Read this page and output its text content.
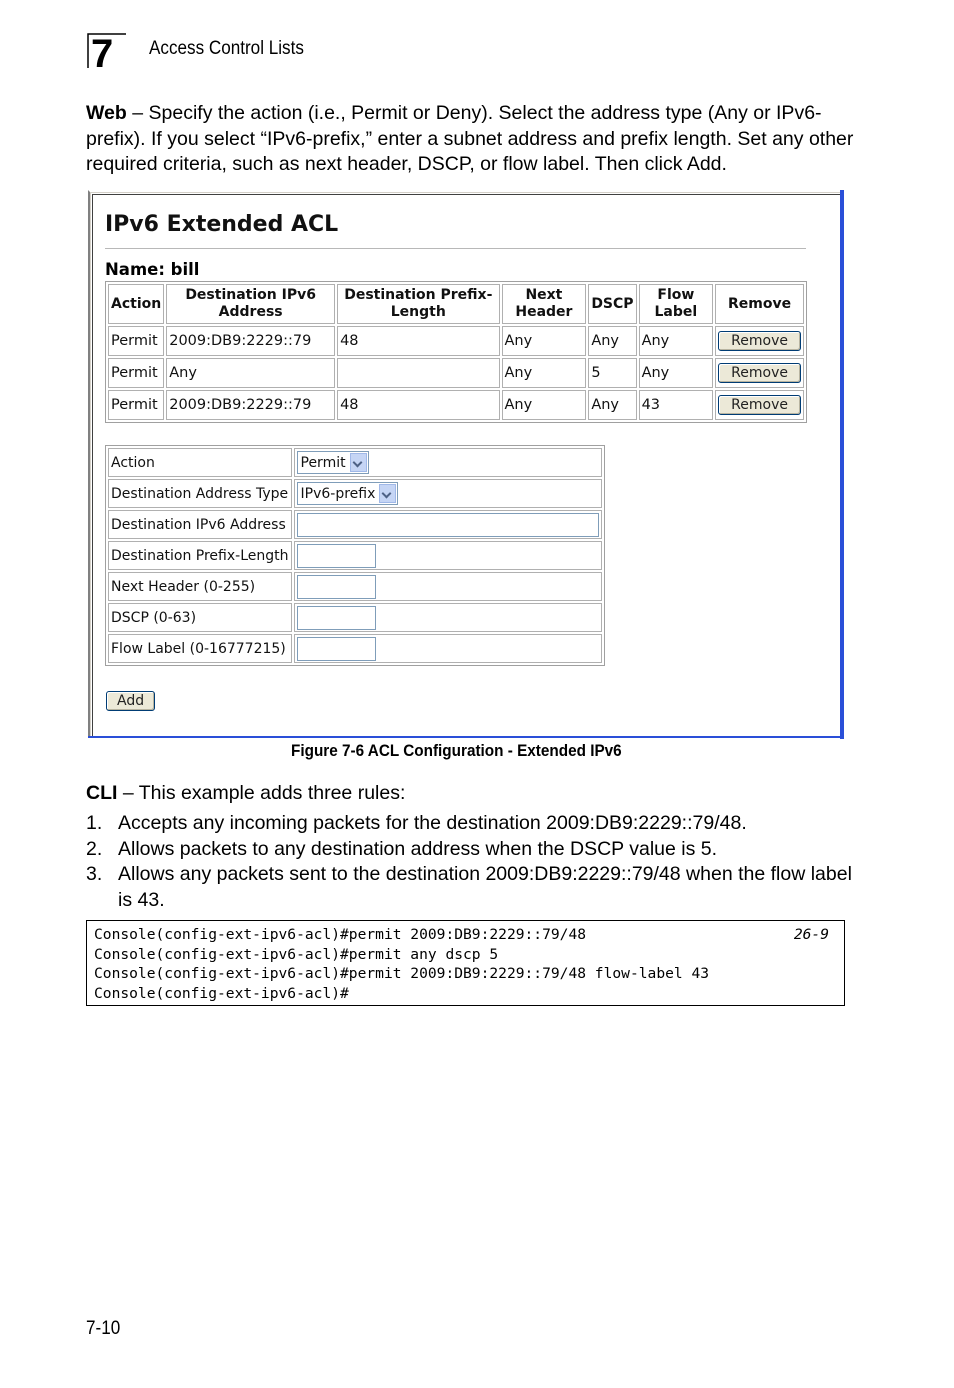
7 Access Control Lists
Web – Specify the action (i.e., Permit or Deny). Select the address type (Any or IPv6-prefix). If you select “IPv6-prefix,” enter a subnet address and prefix length. Set any other required criteria, such as next header, DSCP, or flow label. Then click Add.
IPv6 Extended ACL
Name: bill
Action	Destination IPv6 Address	Destination Prefix-Length	Next Header	DSCP	Flow Label	Remove
Permit	2009:DB9:2229::79	48	Any	Any	Any	Remove
Permit	Any		Any	5	Any	Remove
Permit	2009:DB9:2229::79	48	Any	Any	43	Remove
Action	Permit

Destination Address Type	IPv6-prefix

Destination IPv6 Address	
Destination Prefix-Length	
Next Header (0-255)	
DSCP (0-63)	
Flow Label (0-16777215)	
Add
Figure 7-6 ACL Configuration - Extended IPv6
CLI – This example adds three rules:
1. Accepts any incoming packets for the destination 2009:DB9:2229::79/48.
2. Allows packets to any destination address when the DSCP value is 5.
3. Allows any packets sent to the destination 2009:DB9:2229::79/48 when the flow label is 43.
Console(config-ext-ipv6-acl)#permit 2009:DB9:2229::79/48
Console(config-ext-ipv6-acl)#permit any dscp 5
Console(config-ext-ipv6-acl)#permit 2009:DB9:2229::79/48 flow-label 43
Console(config-ext-ipv6-acl)#
26-9
7-10
